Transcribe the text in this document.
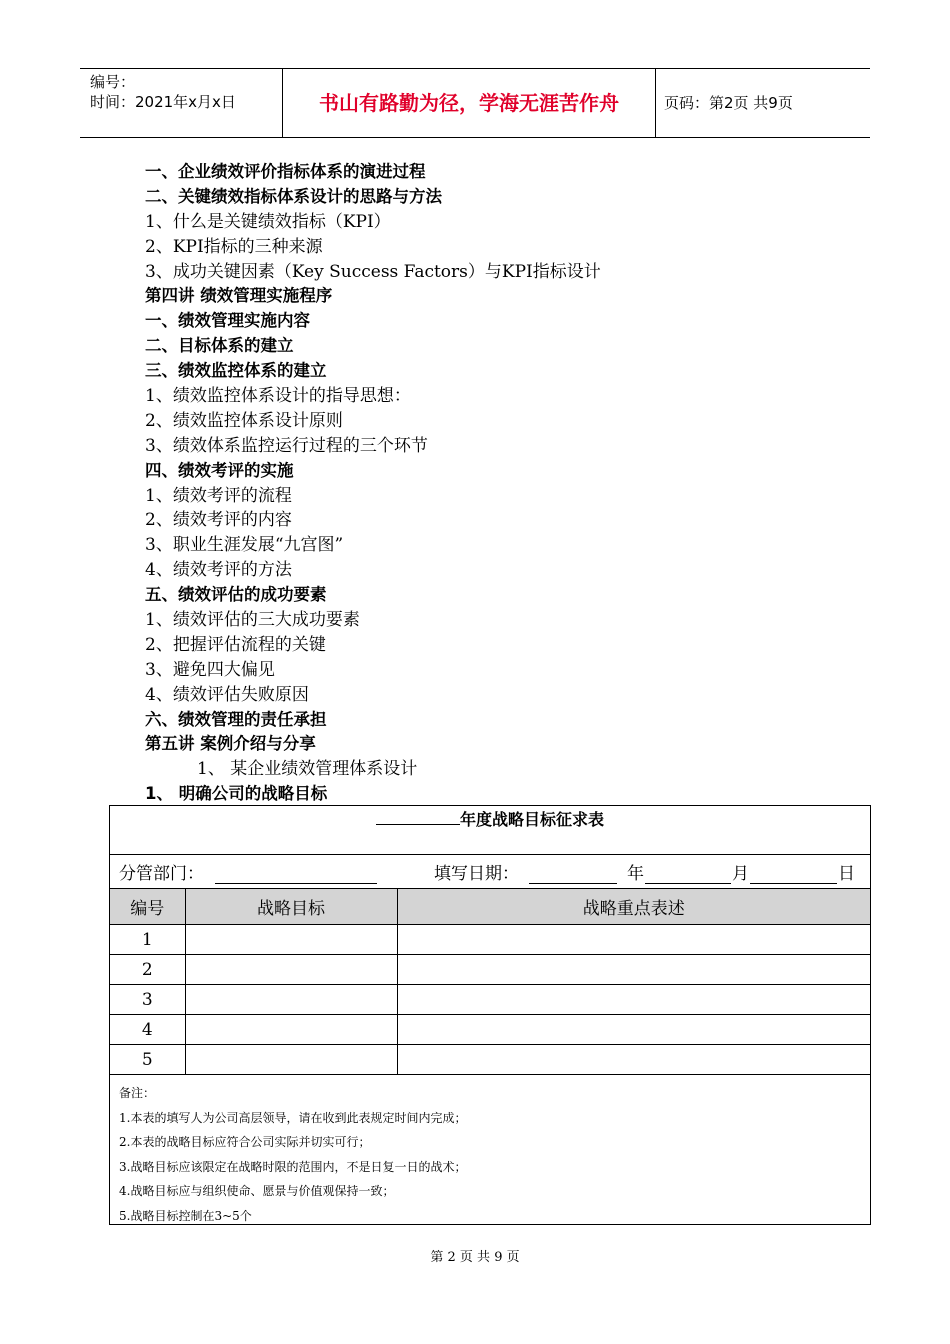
编号：
时间：2021年x月x日	书山有路勤为径，学海无涯苦作舟	页码：第2页 共9页
一、企业绩效评价指标体系的演进过程
二、关键绩效指标体系设计的思路与方法
1、什么是关键绩效指标（KPI）
2、KPI指标的三种来源
3、成功关键因素（Key Success Factors）与KPI指标设计
第四讲 绩效管理实施程序
一、绩效管理实施内容
二、目标体系的建立
三、绩效监控体系的建立
1、绩效监控体系设计的指导思想：
2、绩效监控体系设计原则
3、绩效体系监控运行过程的三个环节
四、绩效考评的实施
1、绩效考评的流程
2、绩效考评的内容
3、职业生涯发展“九宫图”
4、绩效考评的方法
五、绩效评估的成功要素
1、绩效评估的三大成功要素
2、把握评估流程的关键
3、避免四大偏见
4、绩效评估失败原因
六、绩效管理的责任承担
第五讲 案例介绍与分享
1、 某企业绩效管理体系设计
1、 明确公司的战略目标
年度战略目标征求表
分管部门：	填写日期：	年	月	日
编号	战略目标	战略重点表述
1		
2		
3		
4		
5		
备注：
1.本表的填写人为公司高层领导，请在收到此表规定时间内完成；
2.本表的战略目标应符合公司实际并切实可行；
3.战略目标应该限定在战略时限的范围内，不是日复一日的战术；
4.战略目标应与组织使命、愿景与价值观保持一致；
5.战略目标控制在3~5个
第 2 页 共 9 页
